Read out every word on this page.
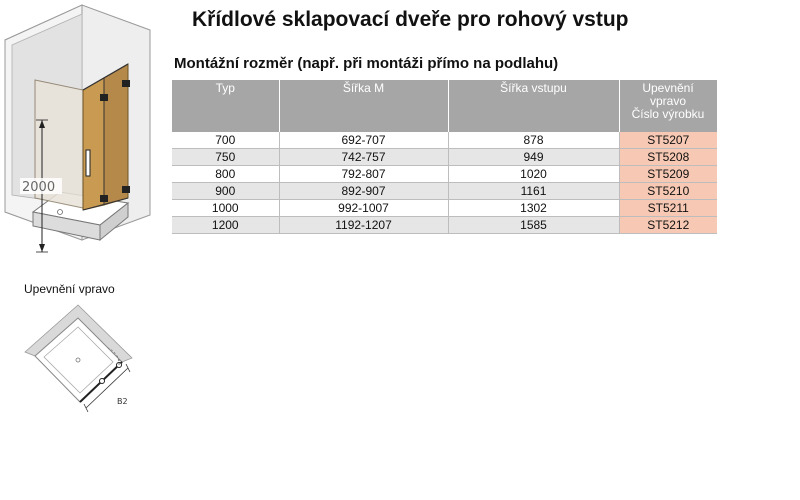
Křídlové sklapovací dveře pro rohový vstup
Montážní rozměr (např. při montáži přímo na podlahu)
2000
Typ	Šířka M	Šířka vstupu	Upevnění
vpravo
Číslo výrobku
700	692-707	878	ST5207
750	742-757	949	ST5208
800	792-807	1020	ST5209
900	892-907	1161	ST5210
1000	992-1007	1302	ST5211
1200	1192-1207	1585	ST5212
Upevnění vpravo
B2
